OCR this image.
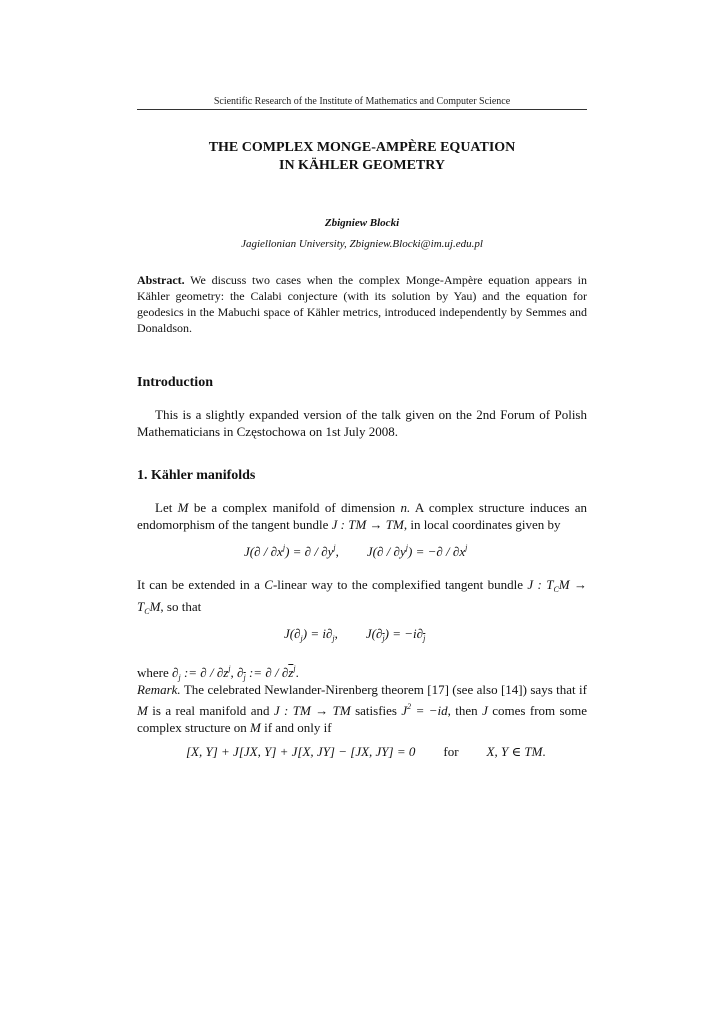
Scientific Research of the Institute of Mathematics and Computer Science
THE COMPLEX MONGE-AMPÈRE EQUATION
IN KÄHLER GEOMETRY
Zbigniew Blocki
Jagiellonian University, Zbigniew.Blocki@im.uj.edu.pl
Abstract. We discuss two cases when the complex Monge-Ampère equation appears in Kähler geometry: the Calabi conjecture (with its solution by Yau) and the equation for geodesics in the Mabuchi space of Kähler metrics, introduced independently by Semmes and Donaldson.
Introduction
This is a slightly expanded version of the talk given on the 2nd Forum of Polish Mathematicians in Częstochowa on 1st July 2008.
1. Kähler manifolds
Let M be a complex manifold of dimension n. A complex structure induces an endomorphism of the tangent bundle J : TM → TM, in local coordinates given by
$J(\partial / \partial x^j)$ = ∂ / $\partial y^j$, $J(\partial / \partial y^j)$ = −∂ / $\partial x^j$
It can be extended in a C-linear way to the complexified tangent bundle J : $T_CM \to T_CM$, so that
$J(\partial_j) = i\partial_j$, $J(\partial_{\overline{j}}) = -i\partial_{\overline{j}}$
where $\partial_j$ := ∂ / $\partial z^j$, $\partial_{\overline{j}}$ := ∂ / $\partial\overline{z}^j$.
Remark. The celebrated Newlander-Nirenberg theorem [17] (see also [14]) says that if M is a real manifold and J : TM → TM satisfies $J^2 = -id$, then J comes from some complex structure on M if and only if
[X, Y] + J[JX, Y] + J[X, JY] − [JX, JY] = 0 for X, Y ∈ TM.
